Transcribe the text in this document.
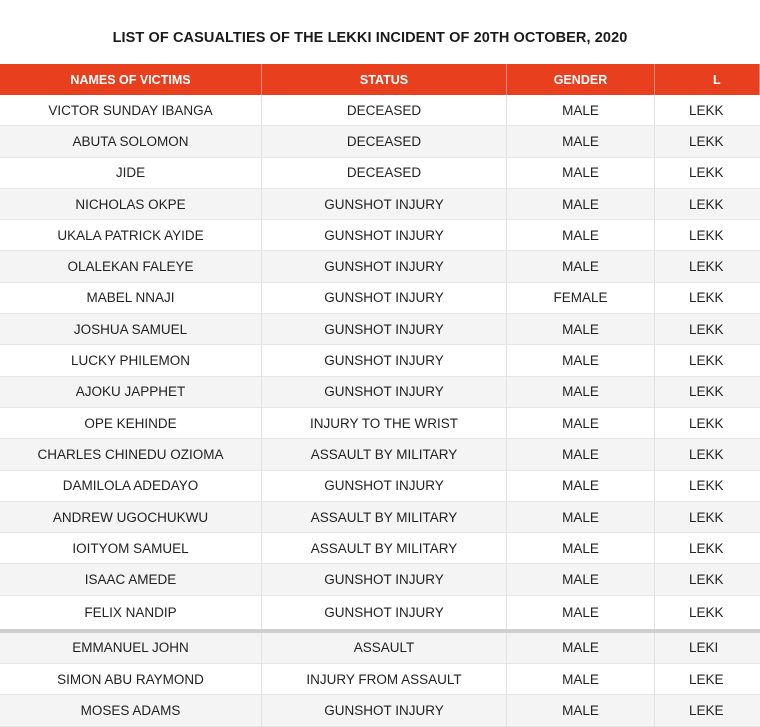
LIST OF CASUALTIES OF THE LEKKI INCIDENT OF 20TH OCTOBER, 2020
NAMES OF VICTIMS	STATUS	GENDER	L
VICTOR SUNDAY IBANGA	DECEASED	MALE	LEKK
ABUTA SOLOMON	DECEASED	MALE	LEKK
JIDE	DECEASED	MALE	LEKK
NICHOLAS OKPE	GUNSHOT INJURY	MALE	LEKK
UKALA PATRICK AYIDE	GUNSHOT INJURY	MALE	LEKK
OLALEKAN FALEYE	GUNSHOT INJURY	MALE	LEKK
MABEL NNAJI	GUNSHOT INJURY	FEMALE	LEKK
JOSHUA SAMUEL	GUNSHOT INJURY	MALE	LEKK
LUCKY PHILEMON	GUNSHOT INJURY	MALE	LEKK
AJOKU JAPPHET	GUNSHOT INJURY	MALE	LEKK
OPE KEHINDE	INJURY TO THE WRIST	MALE	LEKK
CHARLES CHINEDU OZIOMA	ASSAULT BY MILITARY	MALE	LEKK
DAMILOLA ADEDAYO	GUNSHOT INJURY	MALE	LEKK
ANDREW UGOCHUKWU	ASSAULT BY MILITARY	MALE	LEKK
IOITYOM SAMUEL	ASSAULT BY MILITARY	MALE	LEKK
ISAAC AMEDE	GUNSHOT INJURY	MALE	LEKK
FELIX NANDIP	GUNSHOT INJURY	MALE	LEKK
EMMANUEL JOHN	ASSAULT	MALE	LEKI
SIMON ABU RAYMOND	INJURY FROM ASSAULT	MALE	LEKE
MOSES ADAMS	GUNSHOT INJURY	MALE	LEKE
